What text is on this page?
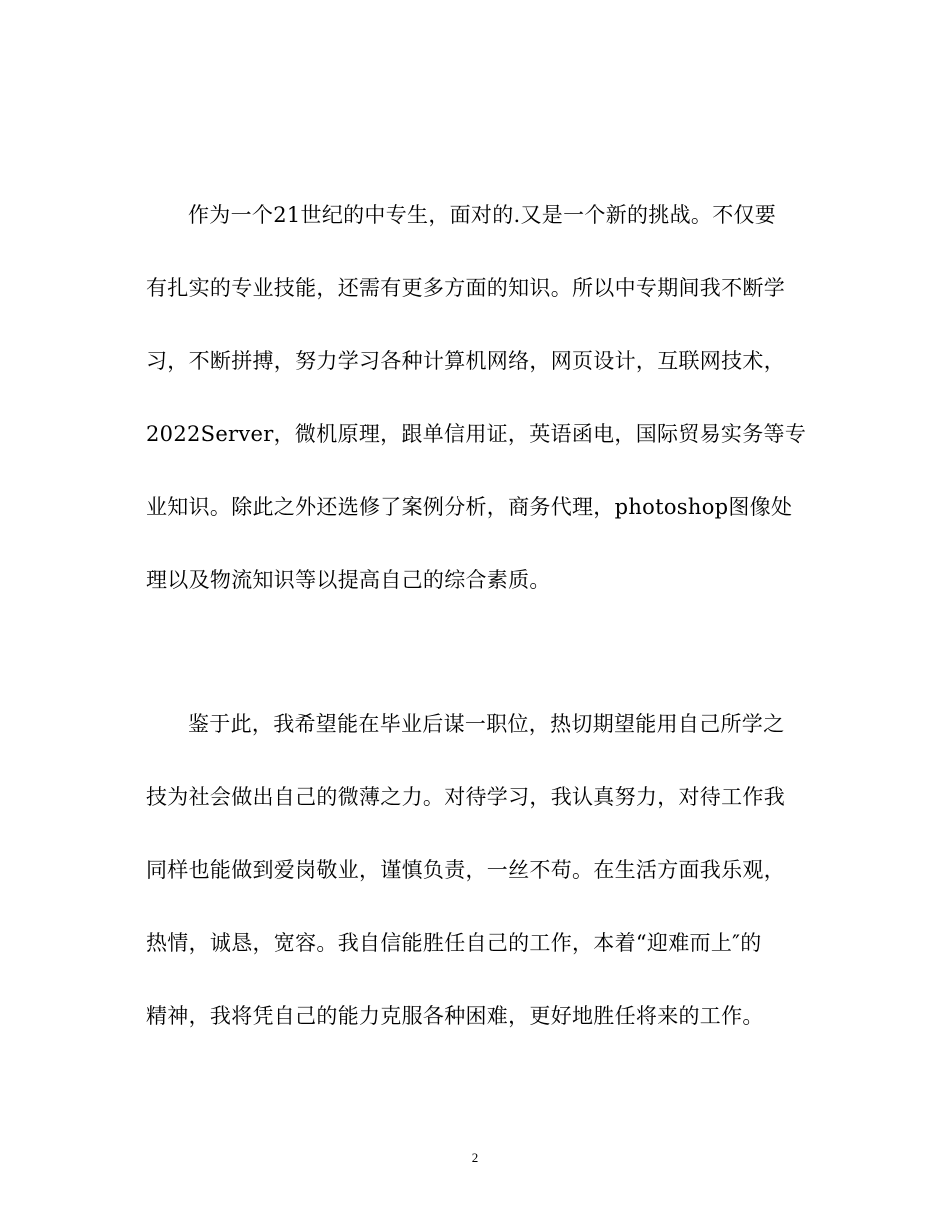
作为一个21世纪的中专生，面对的.又是一个新的挑战。不仅要
有扎实的专业技能，还需有更多方面的知识。所以中专期间我不断学
习，不断拼搏，努力学习各种计算机网络，网页设计，互联网技术，
2022Server，微机原理，跟单信用证，英语函电，国际贸易实务等专
业知识。除此之外还选修了案例分析，商务代理，photoshop图像处
理以及物流知识等以提高自己的综合素质。
鉴于此，我希望能在毕业后谋一职位，热切期望能用自己所学之
技为社会做出自己的微薄之力。对待学习，我认真努力，对待工作我
同样也能做到爱岗敬业，谨慎负责，一丝不苟。在生活方面我乐观，
热情，诚恳，宽容。我自信能胜任自己的工作，本着“迎难而上″的
精神，我将凭自己的能力克服各种困难，更好地胜任将来的工作。
2
